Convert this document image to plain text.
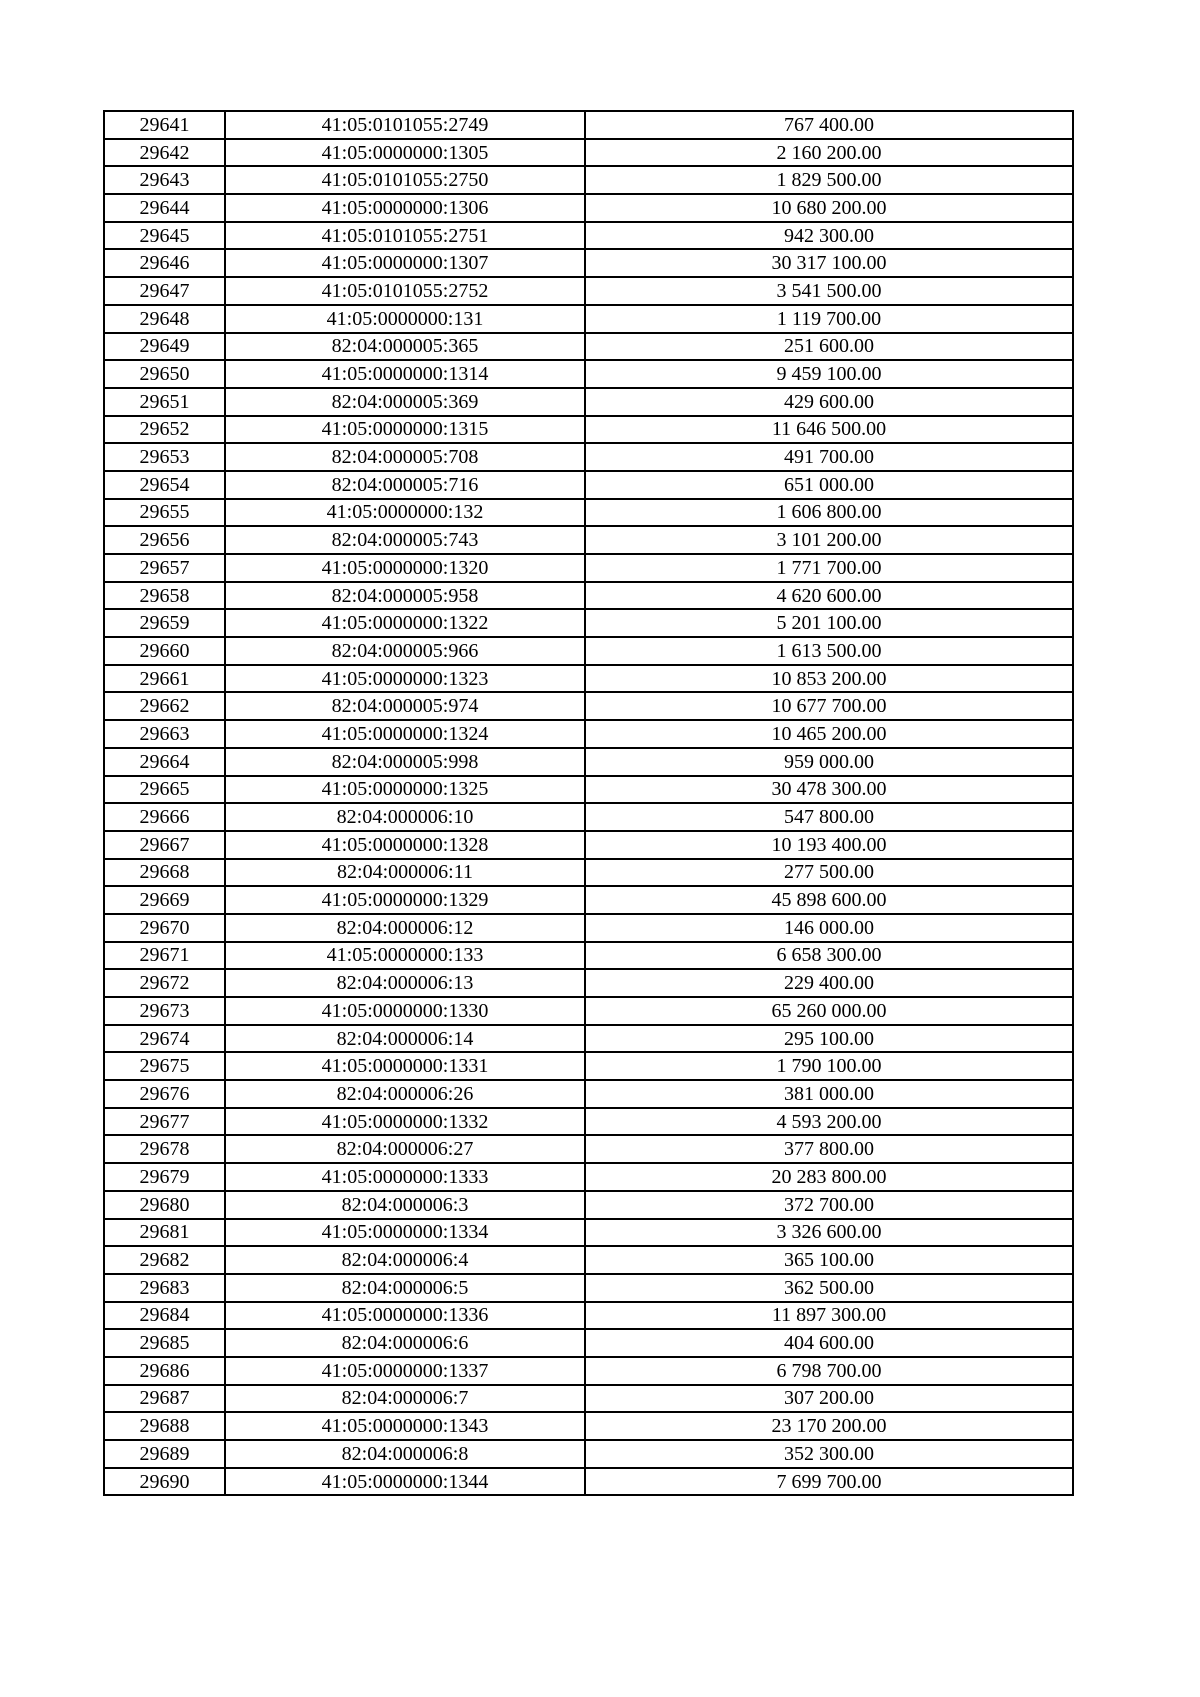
29641	41:05:0101055:2749	767 400.00
29642	41:05:0000000:1305	2 160 200.00
29643	41:05:0101055:2750	1 829 500.00
29644	41:05:0000000:1306	10 680 200.00
29645	41:05:0101055:2751	942 300.00
29646	41:05:0000000:1307	30 317 100.00
29647	41:05:0101055:2752	3 541 500.00
29648	41:05:0000000:131	1 119 700.00
29649	82:04:000005:365	251 600.00
29650	41:05:0000000:1314	9 459 100.00
29651	82:04:000005:369	429 600.00
29652	41:05:0000000:1315	11 646 500.00
29653	82:04:000005:708	491 700.00
29654	82:04:000005:716	651 000.00
29655	41:05:0000000:132	1 606 800.00
29656	82:04:000005:743	3 101 200.00
29657	41:05:0000000:1320	1 771 700.00
29658	82:04:000005:958	4 620 600.00
29659	41:05:0000000:1322	5 201 100.00
29660	82:04:000005:966	1 613 500.00
29661	41:05:0000000:1323	10 853 200.00
29662	82:04:000005:974	10 677 700.00
29663	41:05:0000000:1324	10 465 200.00
29664	82:04:000005:998	959 000.00
29665	41:05:0000000:1325	30 478 300.00
29666	82:04:000006:10	547 800.00
29667	41:05:0000000:1328	10 193 400.00
29668	82:04:000006:11	277 500.00
29669	41:05:0000000:1329	45 898 600.00
29670	82:04:000006:12	146 000.00
29671	41:05:0000000:133	6 658 300.00
29672	82:04:000006:13	229 400.00
29673	41:05:0000000:1330	65 260 000.00
29674	82:04:000006:14	295 100.00
29675	41:05:0000000:1331	1 790 100.00
29676	82:04:000006:26	381 000.00
29677	41:05:0000000:1332	4 593 200.00
29678	82:04:000006:27	377 800.00
29679	41:05:0000000:1333	20 283 800.00
29680	82:04:000006:3	372 700.00
29681	41:05:0000000:1334	3 326 600.00
29682	82:04:000006:4	365 100.00
29683	82:04:000006:5	362 500.00
29684	41:05:0000000:1336	11 897 300.00
29685	82:04:000006:6	404 600.00
29686	41:05:0000000:1337	6 798 700.00
29687	82:04:000006:7	307 200.00
29688	41:05:0000000:1343	23 170 200.00
29689	82:04:000006:8	352 300.00
29690	41:05:0000000:1344	7 699 700.00
